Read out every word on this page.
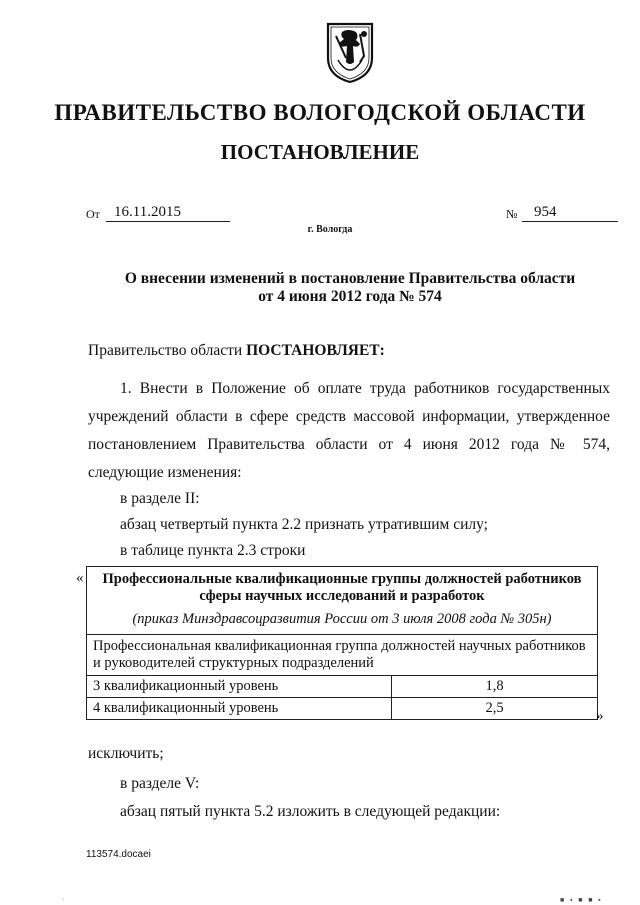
ПРАВИТЕЛЬСТВО ВОЛОГОДСКОЙ ОБЛАСТИ
ПОСТАНОВЛЕНИЕ
От 16.11.2015	№	954
г. Вологда
О внесении изменений в постановление Правительства области
от 4 июня 2012 года № 574
Правительство области ПОСТАНОВЛЯЕТ:
1. Внести в Положение об оплате труда работников государственных учреждений области в сфере средств массовой информации, утвержденное постановлением Правительства области от 4 июня 2012 года № 574, следующие изменения:
в разделе II:
абзац четвертый пункта 2.2 признать утратившим силу;
в таблице пункта 2.3 строки
« Профессиональные квалификационные группы должностей работников сферы научных исследований и разработок
(приказ Минздравсоцразвития России от 3 июля 2008 года № 305н)	

Профессиональная квалификационная группа должностей научных работников и руководителей структурных подразделений	
3 квалификационный уровень	1,8
4 квалификационный уровень	2,5	»
исключить;
в разделе V:
абзац пятый пункта 5.2 изложить в следующей редакции:
113574.docaei
·	■ ▪ ■ ■ ▪
